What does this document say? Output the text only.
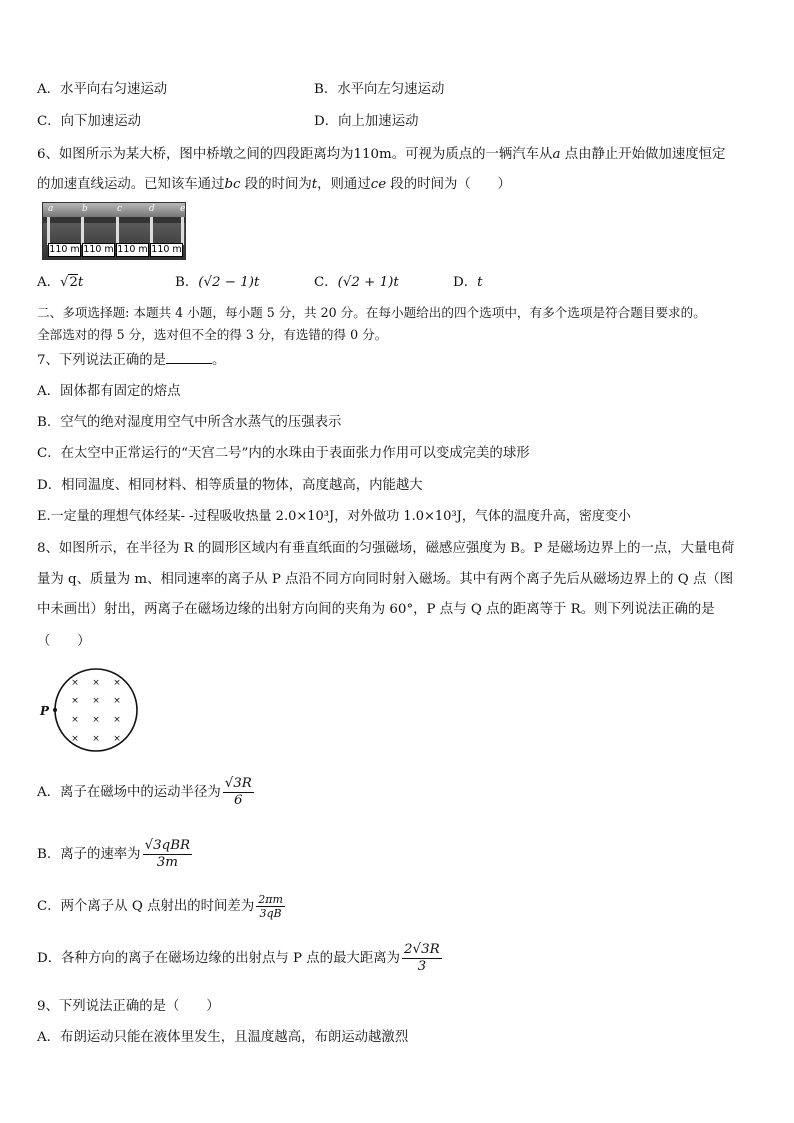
A．水平向右匀速运动	B．水平向左匀速运动
C．向下加速运动	D．向上加速运动
6、如图所示为某大桥，图中桥墩之间的四段距离均为110m。可视为质点的一辆汽车从a 点由静止开始做加速度恒定
的加速直线运动。已知该车通过bc 段的时间为t，则通过ce 段的时间为（　　）
a	b	c	d	e
110 m 110 m 110 m 110 m
A．√2t	B．(√2 − 1)t	C．(√2 + 1)t	D．t
二、多项选择题: 本题共 4 小题，每小题 5 分，共 20 分。在每小题给出的四个选项中，有多个选项是符合题目要求的。
全部选对的得 5 分，选对但不全的得 3 分，有选错的得 0 分。
7、下列说法正确的是	。
A．固体都有固定的熔点
B．空气的绝对湿度用空气中所含水蒸气的压强表示
C．在太空中正常运行的“天宫二号”内的水珠由于表面张力作用可以变成完美的球形
D．相同温度、相同材料、相等质量的物体，高度越高，内能越大
E.一定量的理想气体经某- -过程吸收热量 2.0×10³J，对外做功 1.0×10³J，气体的温度升高，密度变小
8、如图所示，在半径为 R 的圆形区域内有垂直纸面的匀强磁场，磁感应强度为 B。P 是磁场边界上的一点，大量电荷
量为 q、质量为 m、相同速率的离子从 P 点沿不同方向同时射入磁场。其中有两个离子先后从磁场边界上的 Q 点（图
中未画出）射出，两离子在磁场边缘的出射方向间的夹角为 60°，P 点与 Q 点的距离等于 R。则下列说法正确的是
（　　）
× × ×
× × ×
× × ×
× × ×
P
A．离子在磁场中的运动半径为 $\frac{√3R}{6}$
B．离子的速率为 $\frac{\text{√3qBR}}{3m}$
C．两个离子从 Q 点射出的时间差为 $\frac{2\pi m}{3qB}$
D．各种方向的离子在磁场边缘的出射点与 P 点的最大距离为 $\frac{2√3R}{3}$
9、下列说法正确的是（　　）
A．布朗运动只能在液体里发生，且温度越高，布朗运动越激烈
